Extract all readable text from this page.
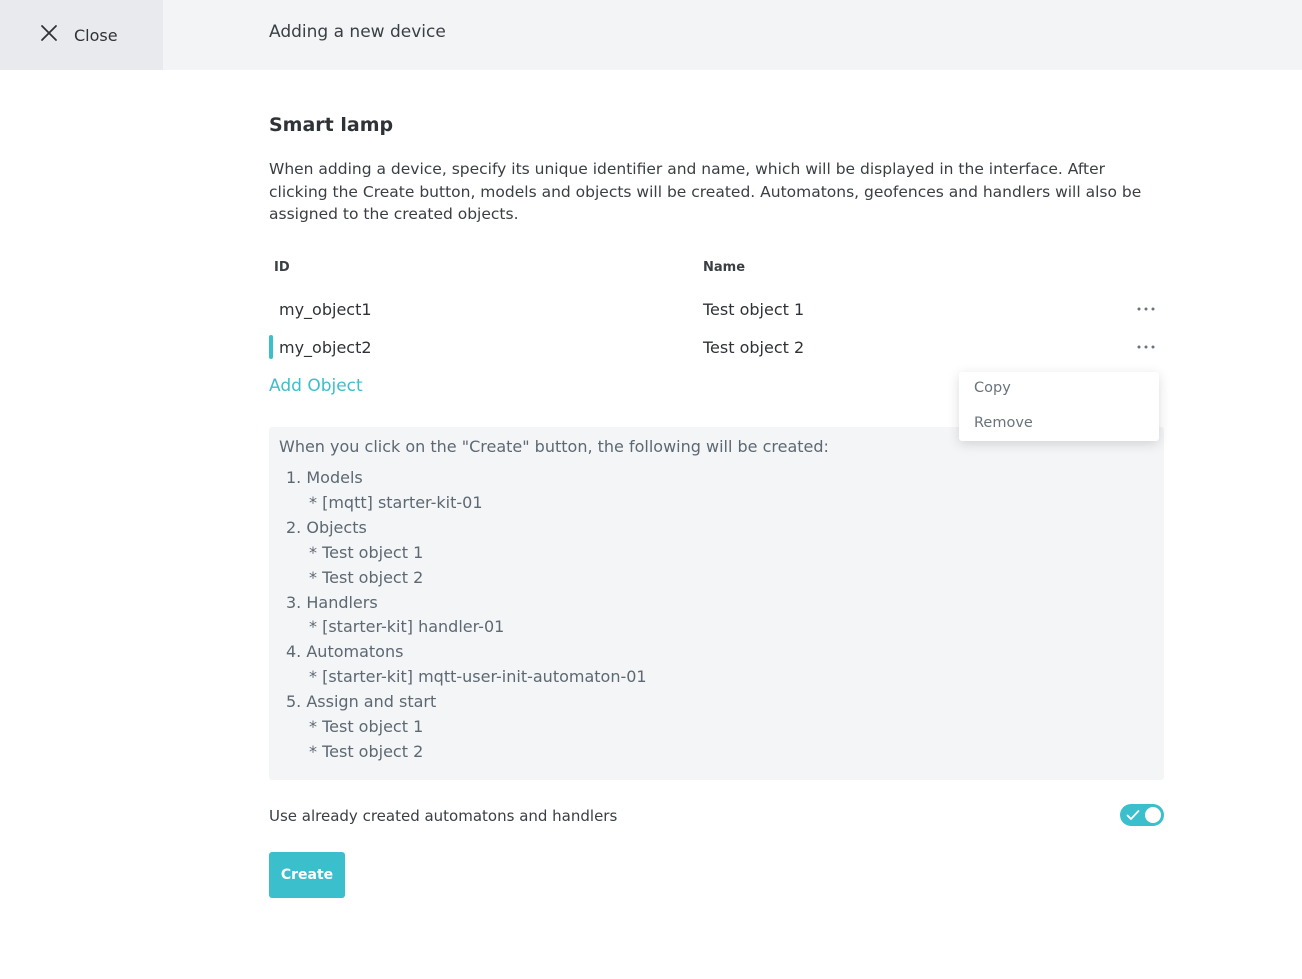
Close	Adding a new device
Smart lamp
When adding a device, specify its unique identifier and name, which will be displayed in the interface. After clicking the Create button, models and objects will be created. Automatons, geofences and handlers will also be assigned to the created objects.
ID	Name
my_object1	Test object 1
my_object2	Test object 2
Add Object	Copy
Remove
When you click on the "Create" button, the following will be created:
1. Models
* [mqtt] starter-kit-01
2. Objects
* Test object 1
* Test object 2
3. Handlers
* [starter-kit] handler-01
4. Automatons
* [starter-kit] mqtt-user-init-automaton-01
5. Assign and start
* Test object 1
* Test object 2
Use already created automatons and handlers
Create
